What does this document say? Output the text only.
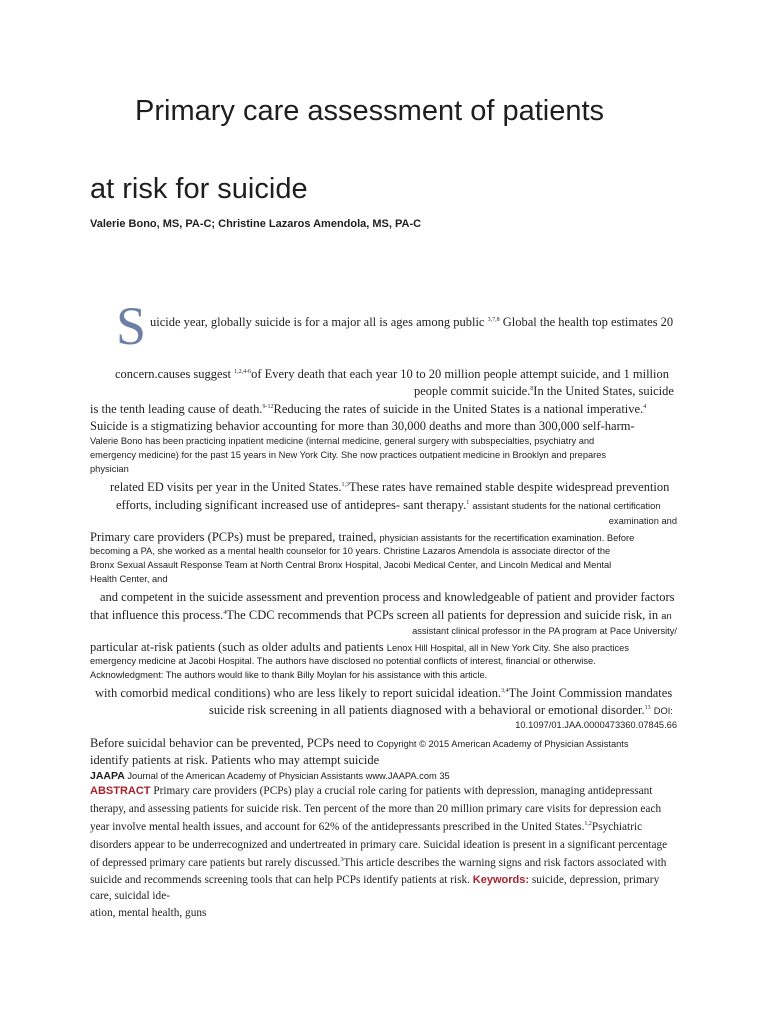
Primary care assessment of patients
at risk for suicide
Valerie Bono, MS, PA-C; Christine Lazaros Amendola, MS, PA-C
S uicide year, globally suicide is for a major all is ages among public $^{3,7,8}$ Global the health top estimates 20
concern.causes suggest $^{1,2,4-6}$of Every death that each year 10 to 20 million people attempt suicide, and 1 million
people commit suicide.$^8$In the United States, suicide
is the tenth leading cause of death.$^{9-12}$Reducing the rates of suicide in the United States is a national imperative.$^4$
Suicide is a stigmatizing behavior accounting for more than 30,000 deaths and more than 300,000 self-harm-
Valerie Bono has been practicing inpatient medicine (internal medicine, general surgery with subspecialties, psychiatry and
emergency medicine) for the past 15 years in New York City. She now practices outpatient medicine in Brooklyn and prepares
physician
related ED visits per year in the United States.$^{1,3}$These rates have remained stable despite widespread prevention
efforts, including significant increased use of antidepres- sant therapy.$^1$ assistant students for the national certification
examination and
Primary care providers (PCPs) must be prepared, trained, physician assistants for the recertification examination. Before
becoming a PA, she worked as a mental health counselor for 10 years. Christine Lazaros Amendola is associate director of the
Bronx Sexual Assault Response Team at North Central Bronx Hospital, Jacobi Medical Center, and Lincoln Medical and Mental
Health Center, and
and competent in the suicide assessment and prevention process and knowledgeable of patient and provider factors
that influence this process.$^4$The CDC recommends that PCPs screen all patients for depression and suicide risk, in an
assistant clinical professor in the PA program at Pace University/
particular at-risk patients (such as older adults and patients Lenox Hill Hospital, all in New York City. She also practices
emergency medicine at Jacobi Hospital. The authors have disclosed no potential conflicts of interest, financial or otherwise.
Acknowledgment: The authors would like to thank Billy Moylan for his assistance with this article.
with comorbid medical conditions) who are less likely to report suicidal ideation.$^{3,4}$The Joint Commission mandates
suicide risk screening in all patients diagnosed with a behavioral or emotional disorder.$^{13}$ DOI:
10.1097/01.JAA.0000473360.07845.66
Before suicidal behavior can be prevented, PCPs need to Copyright © 2015 American Academy of Physician Assistants
identify patients at risk. Patients who may attempt suicide
JAAPA Journal of the American Academy of Physician Assistants www.JAAPA.com 35
ABSTRACT Primary care providers (PCPs) play a crucial role caring for patients with depression, managing antidepressant
therapy, and assessing patients for suicide risk. Ten percent of the more than 20 million primary care visits for depression each
year involve mental health issues, and account for 62% of the antidepressants prescribed in the United States.$^{1,2}$Psychiatric
disorders appear to be underrecognized and undertreated in primary care. Suicidal ideation is present in a significant percentage
of depressed primary care patients but rarely discussed.$^3$This article describes the warning signs and risk factors associated with
suicide and recommends screening tools that can help PCPs identify patients at risk. Keywords: suicide, depression, primary
care, suicidal ide-
ation, mental health, guns
